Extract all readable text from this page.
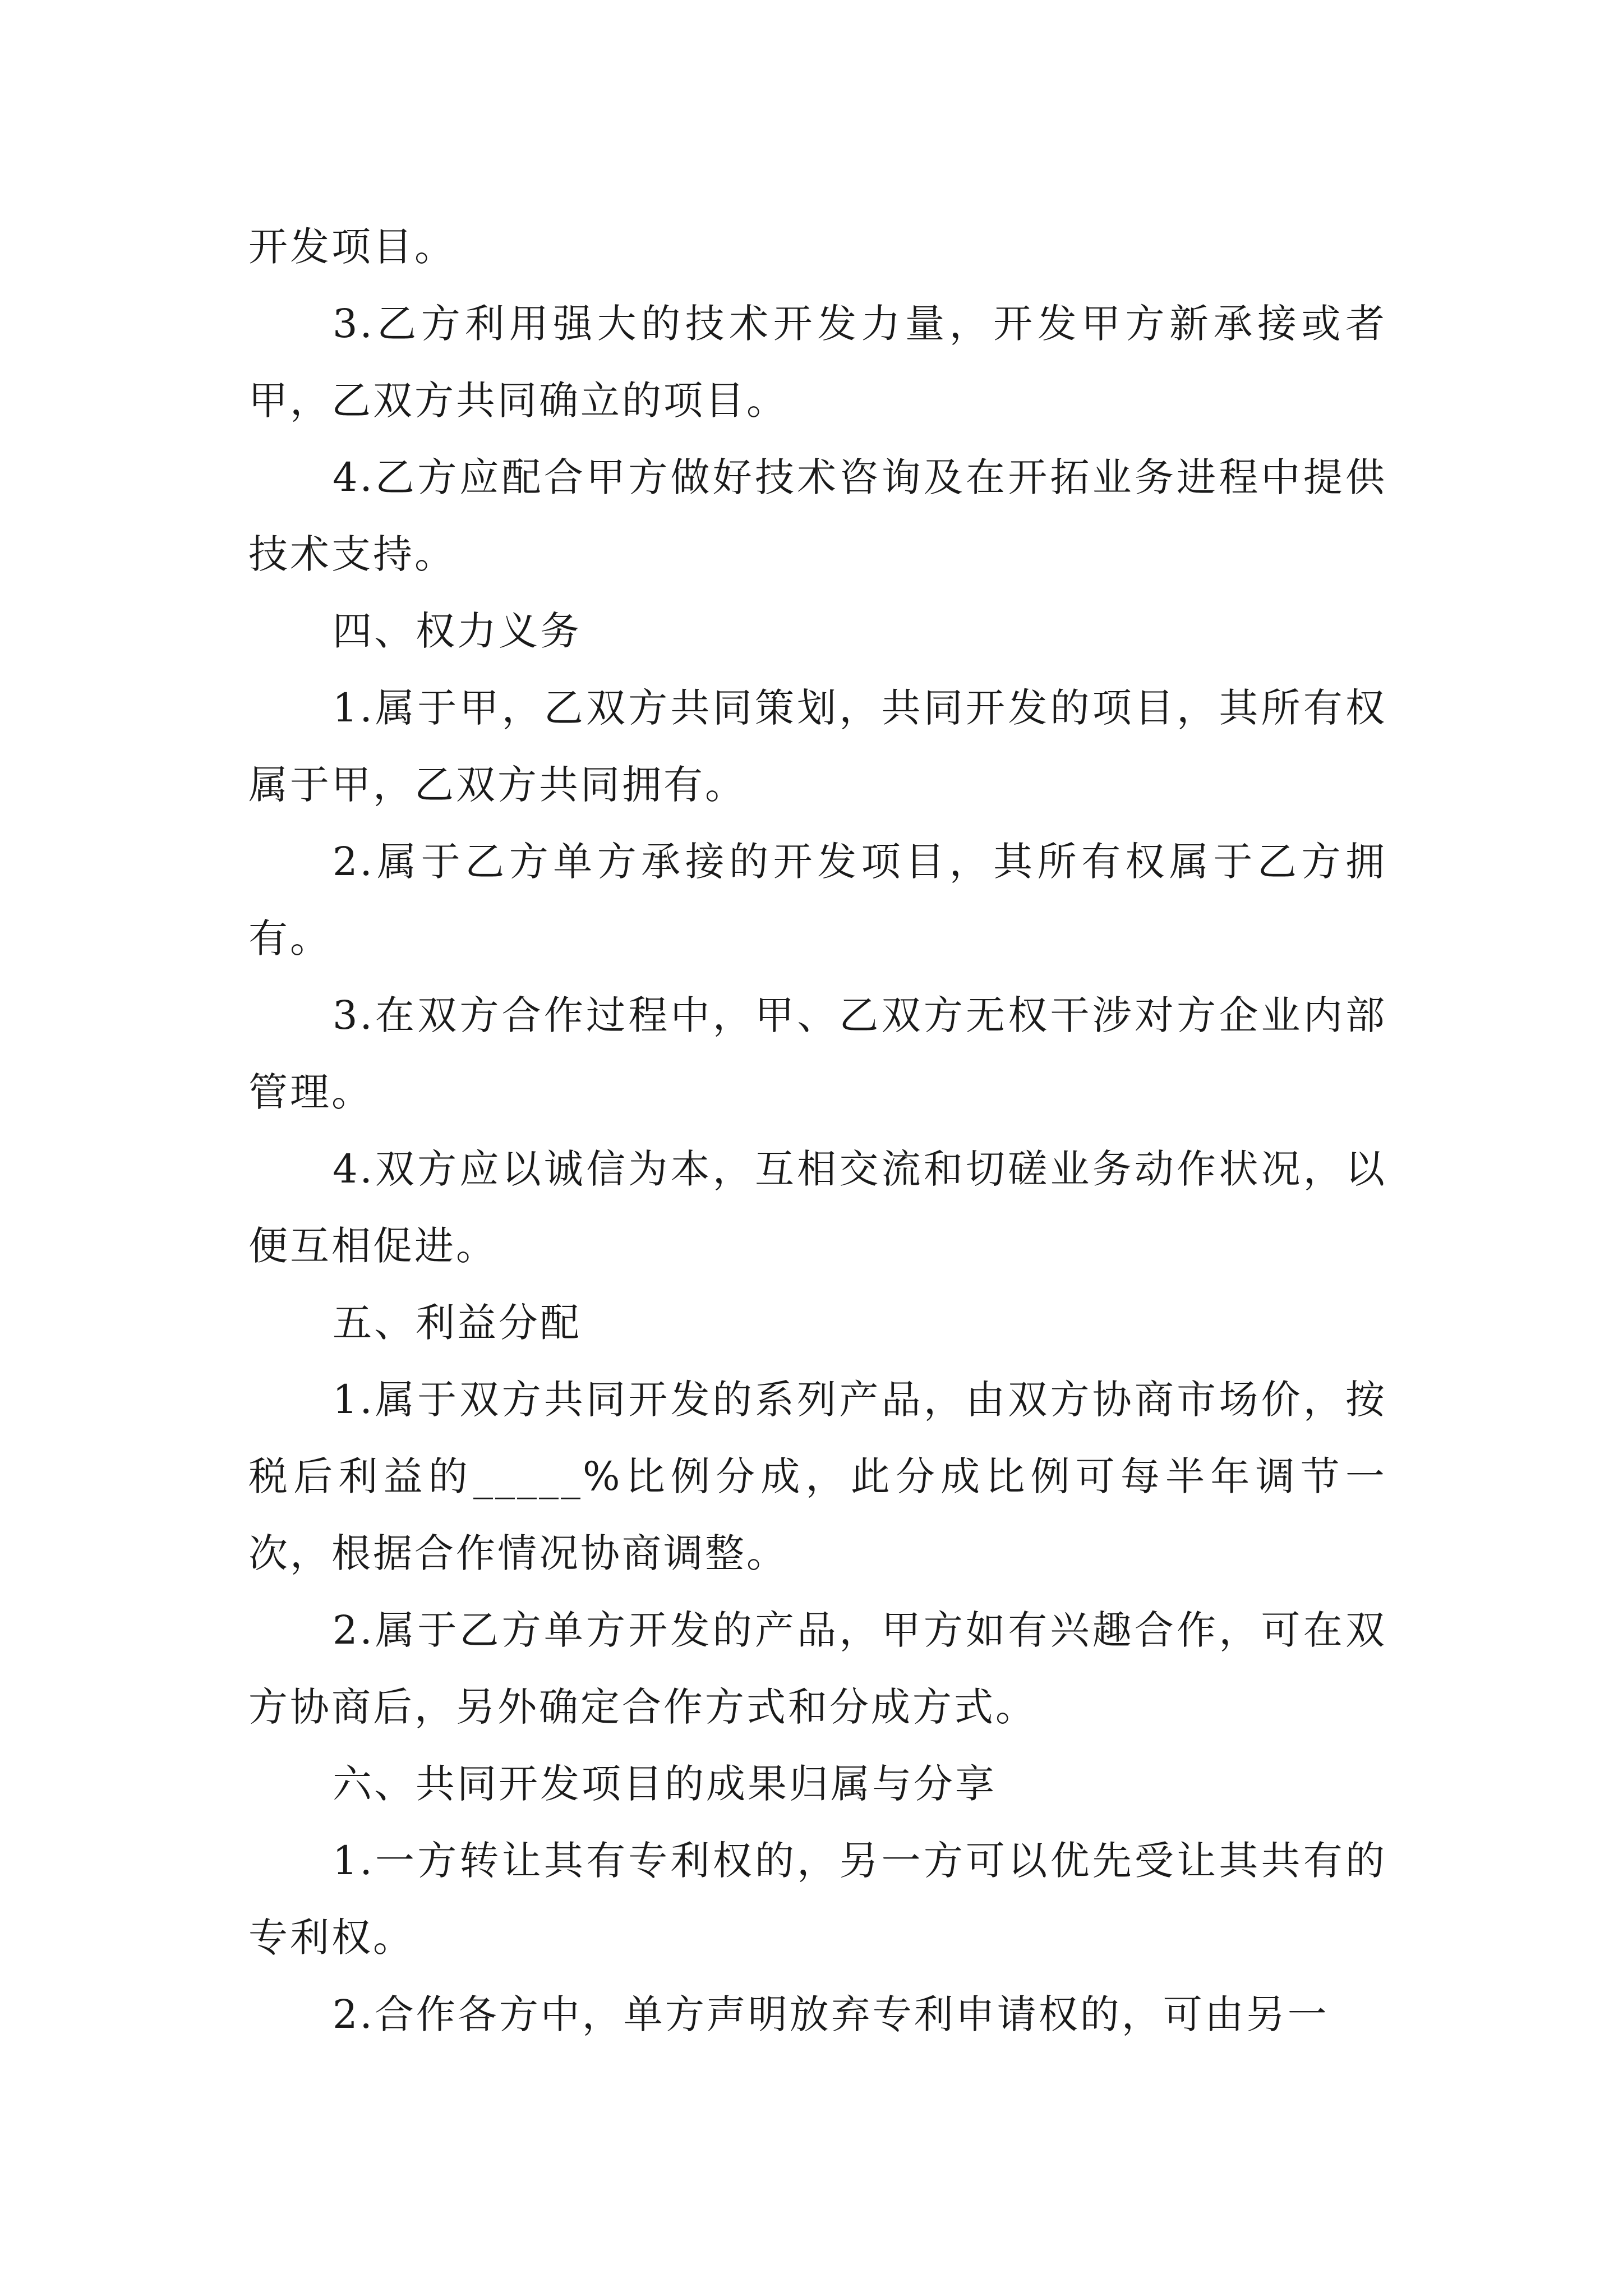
开发项目。

3.乙方利用强大的技术开发力量，开发甲方新承接或者甲，乙双方共同确立的项目。

4.乙方应配合甲方做好技术咨询及在开拓业务进程中提供技术支持。

四、权力义务

1.属于甲，乙双方共同策划，共同开发的项目，其所有权属于甲，乙双方共同拥有。

2.属于乙方单方承接的开发项目，其所有权属于乙方拥有。

3.在双方合作过程中，甲、乙双方无权干涉对方企业内部管理。

4.双方应以诚信为本，互相交流和切磋业务动作状况，以便互相促进。

五、利益分配

1.属于双方共同开发的系列产品，由双方协商市场价，按税后利益的_____%比例分成，此分成比例可每半年调节一次，根据合作情况协商调整。

2.属于乙方单方开发的产品，甲方如有兴趣合作，可在双方协商后，另外确定合作方式和分成方式。

六、共同开发项目的成果归属与分享

1.一方转让其有专利权的，另一方可以优先受让其共有的专利权。

2.合作各方中，单方声明放弃专利申请权的，可由另一
